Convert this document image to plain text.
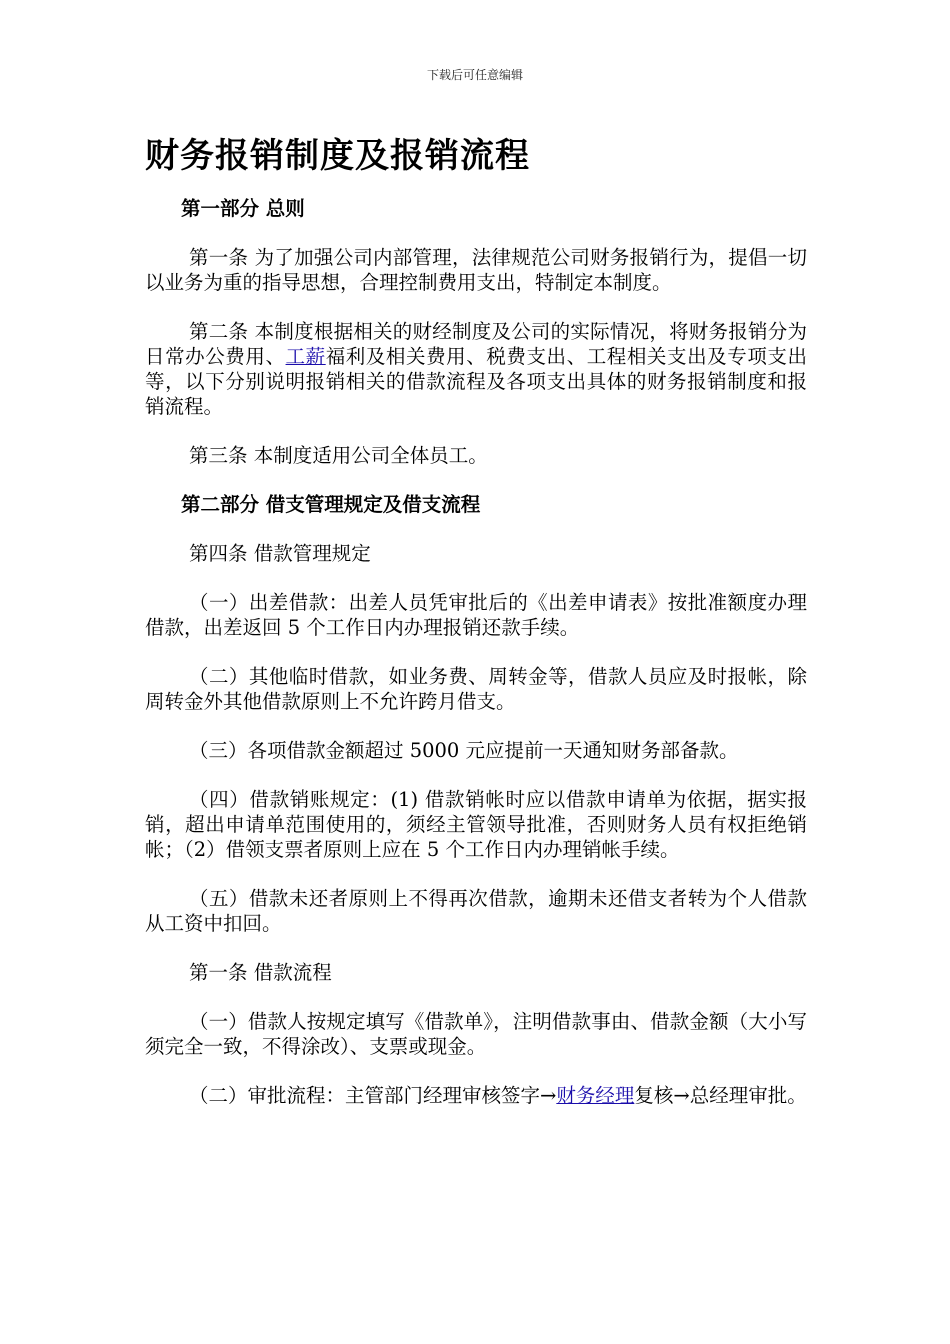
下载后可任意编辑
财务报销制度及报销流程

第一部分 总则

第一条 为了加强公司内部管理，法律规范公司财务报销行为，提倡一切以业务为重的指导思想，合理控制费用支出，特制定本制度。

第二条 本制度根据相关的财经制度及公司的实际情况，将财务报销分为日常办公费用、工薪福利及相关费用、税费支出、工程相关支出及专项支出等，以下分别说明报销相关的借款流程及各项支出具体的财务报销制度和报销流程。

第三条 本制度适用公司全体员工。

第二部分 借支管理规定及借支流程

第四条 借款管理规定

（一）出差借款：出差人员凭审批后的《出差申请表》按批准额度办理借款，出差返回 5 个工作日内办理报销还款手续。

（二）其他临时借款，如业务费、周转金等，借款人员应及时报帐，除周转金外其他借款原则上不允许跨月借支。

（三）各项借款金额超过 5000 元应提前一天通知财务部备款。

（四）借款销账规定：(1) 借款销帐时应以借款申请单为依据，据实报销，超出申请单范围使用的，须经主管领导批准，否则财务人员有权拒绝销帐；（2）借领支票者原则上应在 5 个工作日内办理销帐手续。

（五）借款未还者原则上不得再次借款，逾期未还借支者转为个人借款从工资中扣回。

第一条 借款流程

（一）借款人按规定填写《借款单》，注明借款事由、借款金额（大小写须完全一致，不得涂改）、支票或现金。

（二）审批流程：主管部门经理审核签字→财务经理复核→总经理审批。
